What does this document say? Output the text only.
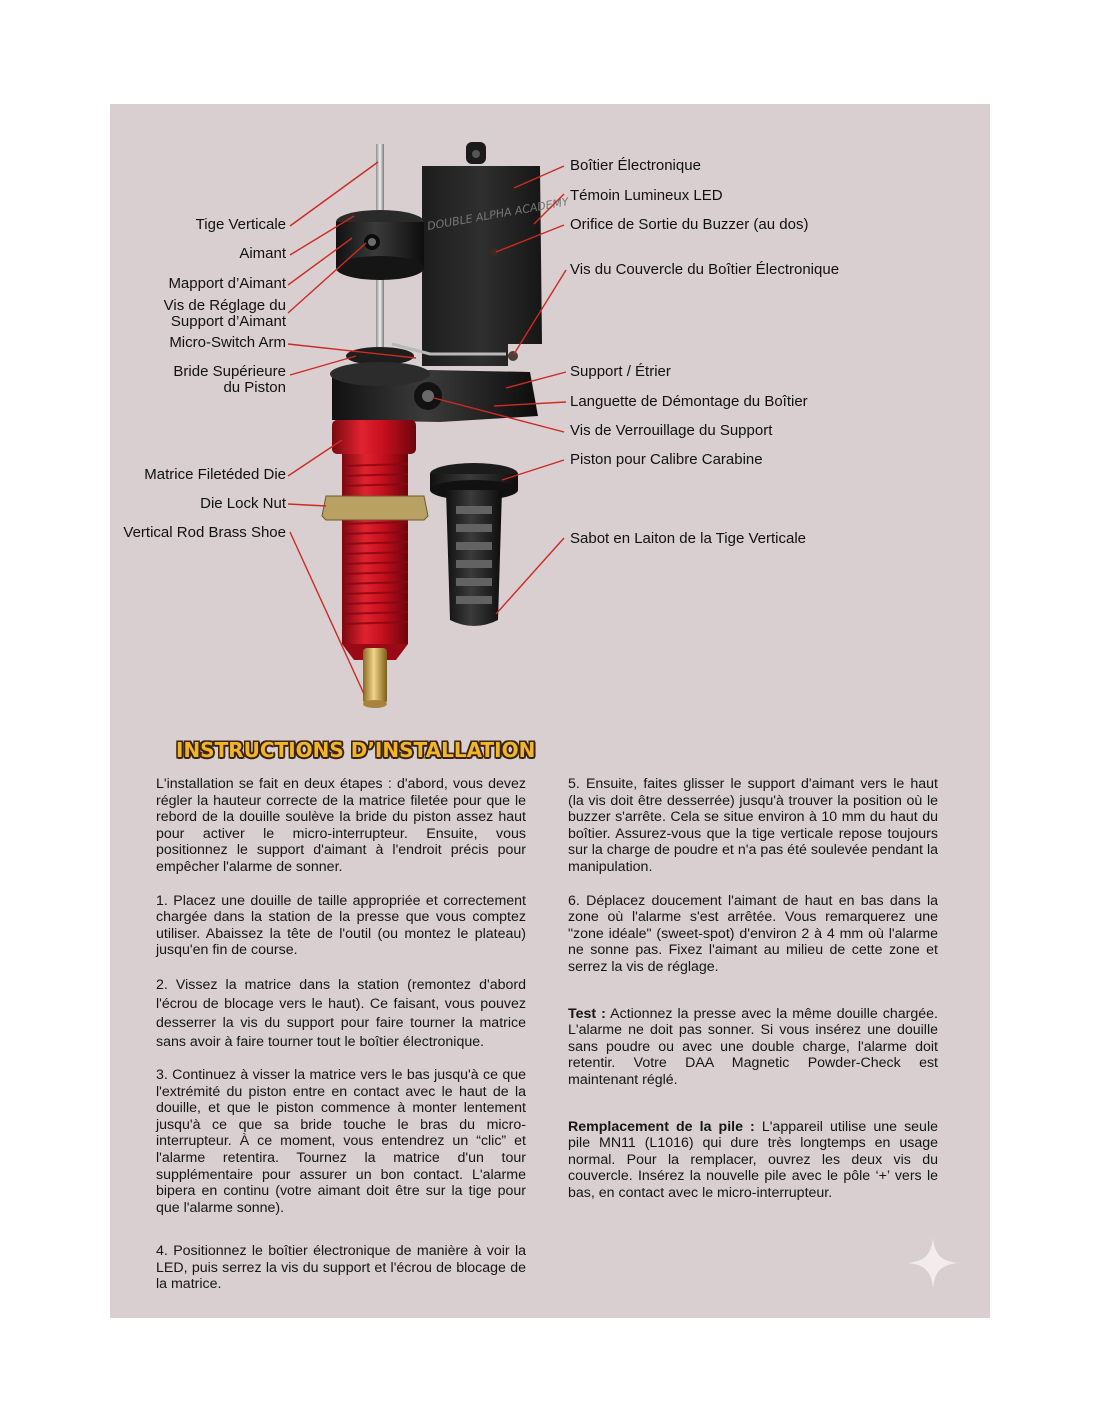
DOUBLE ALPHA ACADEMY
Tige Verticale
Aimant
Mapport d’Aimant
Vis de Réglage du Support d’Aimant
Micro-Switch Arm
Bride Supérieure du Piston
Matrice Filetéded Die
Die Lock Nut
Vertical Rod Brass Shoe
Boîtier Électronique
Témoin Lumineux LED
Orifice de Sortie du Buzzer (au dos)
Vis du Couvercle du Boîtier Électronique
Support / Étrier
Languette de Démontage du Boîtier
Vis de Verrouillage du Support
Piston pour Calibre Carabine
Sabot en Laiton de la Tige Verticale
INSTRUCTIONS D’INSTALLATION

L'installation se fait en deux étapes : d'abord, vous devez régler la hauteur correcte de la matrice filetée pour que le rebord de la douille soulève la bride du piston assez haut pour activer le micro-interrupteur. Ensuite, vous positionnez le support d'aimant à l'endroit précis pour empêcher l'alarme de sonner.

1. Placez une douille de taille appropriée et correctement chargée dans la station de la presse que vous comptez utiliser. Abaissez la tête de l'outil (ou montez le plateau) jusqu'en fin de course.

2. Vissez la matrice dans la station (remontez d'abord l'écrou de blocage vers le haut). Ce faisant, vous pouvez desserrer la vis du support pour faire tourner la matrice sans avoir à faire tourner tout le boîtier électronique.

3. Continuez à visser la matrice vers le bas jusqu'à ce que l'extrémité du piston entre en contact avec le haut de la douille, et que le piston commence à monter lentement jusqu'à ce que sa bride touche le bras du micro-interrupteur. À ce moment, vous entendrez un “clic” et l'alarme retentira. Tournez la matrice d'un tour supplémentaire pour assurer un bon contact. L'alarme bipera en continu (votre aimant doit être sur la tige pour que l'alarme sonne).

4. Positionnez le boîtier électronique de manière à voir la LED, puis serrez la vis du support et l'écrou de blocage de la matrice.

5. Ensuite, faites glisser le support d'aimant vers le haut (la vis doit être desserrée) jusqu'à trouver la position où le buzzer s'arrête. Cela se situe environ à 10 mm du haut du boîtier. Assurez-vous que la tige verticale repose toujours sur la charge de poudre et n'a pas été soulevée pendant la manipulation.

6. Déplacez doucement l'aimant de haut en bas dans la zone où l'alarme s'est arrêtée. Vous remarquerez une "zone idéale" (sweet-spot) d'environ 2 à 4 mm où l'alarme ne sonne pas. Fixez l'aimant au milieu de cette zone et serrez la vis de réglage.

Test : Actionnez la presse avec la même douille chargée. L'alarme ne doit pas sonner. Si vous insérez une douille sans poudre ou avec une double charge, l'alarme doit retentir. Votre DAA Magnetic Powder-Check est maintenant réglé.

Remplacement de la pile : L'appareil utilise une seule pile MN11 (L1016) qui dure très longtemps en usage normal. Pour la remplacer, ouvrez les deux vis du couvercle. Insérez la nouvelle pile avec le pôle ‘+’ vers le bas, en contact avec le micro-interrupteur.
